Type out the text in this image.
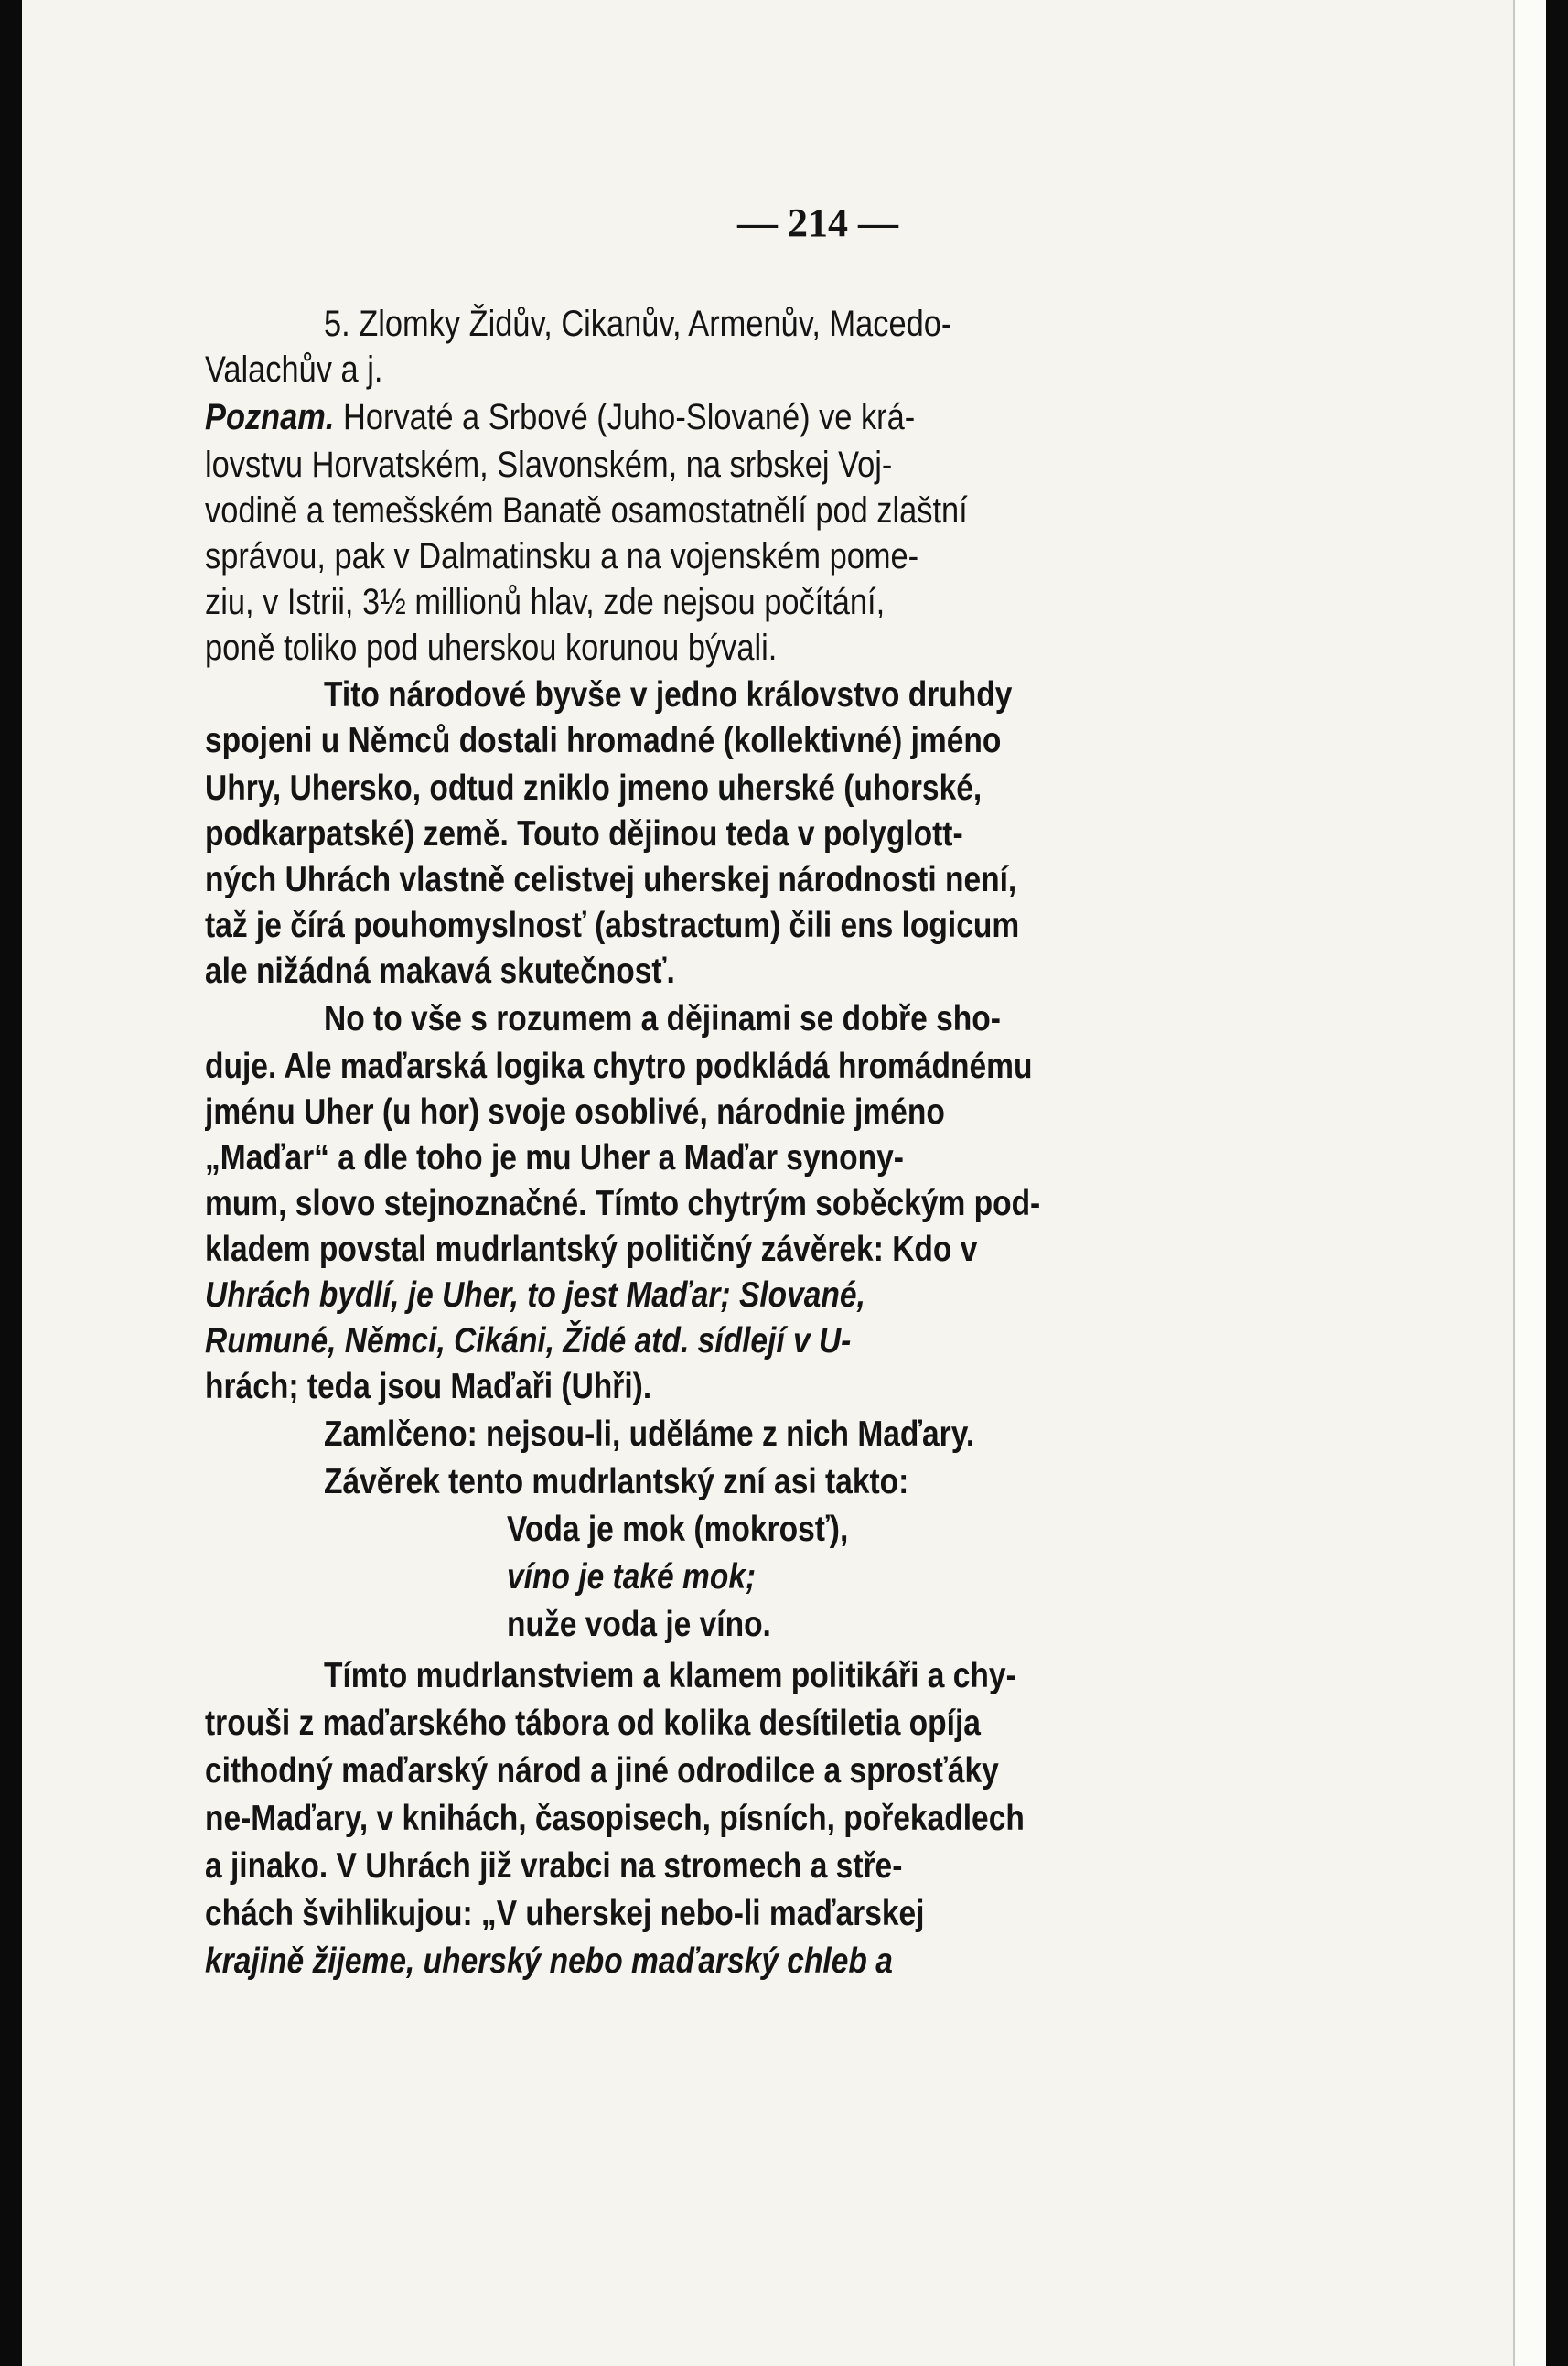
— 214 —
5. Zlomky Židův, Cikanův, Armenův, Macedo-
Valachův a j.
Poznam. Horvaté a Srbové (Juho-Slované) ve krá-
lovstvu Horvatském, Slavonském, na srbskej Voj-
vodině a temešském Banatě osamostatnělí pod zlaštní
správou, pak v Dalmatinsku a na vojenském pome-
ziu, v Istrii, 3½ millionů hlav, zde nejsou počítání,
poně toliko pod uherskou korunou bývali.
Tito národové byvše v jedno královstvo druhdy
spojeni u Němců dostali hromadné (kollektivné) jméno
Uhry, Uhersko, odtud zniklo jmeno uherské (uhorské,
podkarpatské) země. Touto dějinou teda v polyglott-
ných Uhrách vlastně celistvej uherskej národnosti není,
taž je čírá pouhomyslnosť (abstractum) čili ens logicum
ale nižádná makavá skutečnosť.
No to vše s rozumem a dějinami se dobře sho-
duje. Ale maďarská logika chytro podkládá hromádnému
jménu Uher (u hor) svoje osoblivé, národnie jméno
„Maďar“ a dle toho je mu Uher a Maďar synony-
mum, slovo stejnoznačné. Tímto chytrým soběckým pod-
kladem povstal mudrlantský političný závěrek: Kdo v
Uhrách bydlí, je Uher, to jest Maďar; Slované,
Rumuné, Němci, Cikáni, Židé atd. sídlejí v U-
hrách; teda jsou Maďaři (Uhři).
Zamlčeno: nejsou-li, uděláme z nich Maďary.
Závěrek tento mudrlantský zní asi takto:
Voda je mok (mokrosť),
víno je také mok;
nuže voda je víno.
Tímto mudrlanstviem a klamem politikáři a chy-
trouši z maďarského tábora od kolika desítiletia opíja
cithodný maďarský národ a jiné odrodilce a sprosťáky
ne-Maďary, v knihách, časopisech, písních, pořekadlech
a jinako. V Uhrách již vrabci na stromech a stře-
chách švihlikujou: „V uherskej nebo-li maďarskej
krajině žijeme, uherský nebo maďarský chleb a
